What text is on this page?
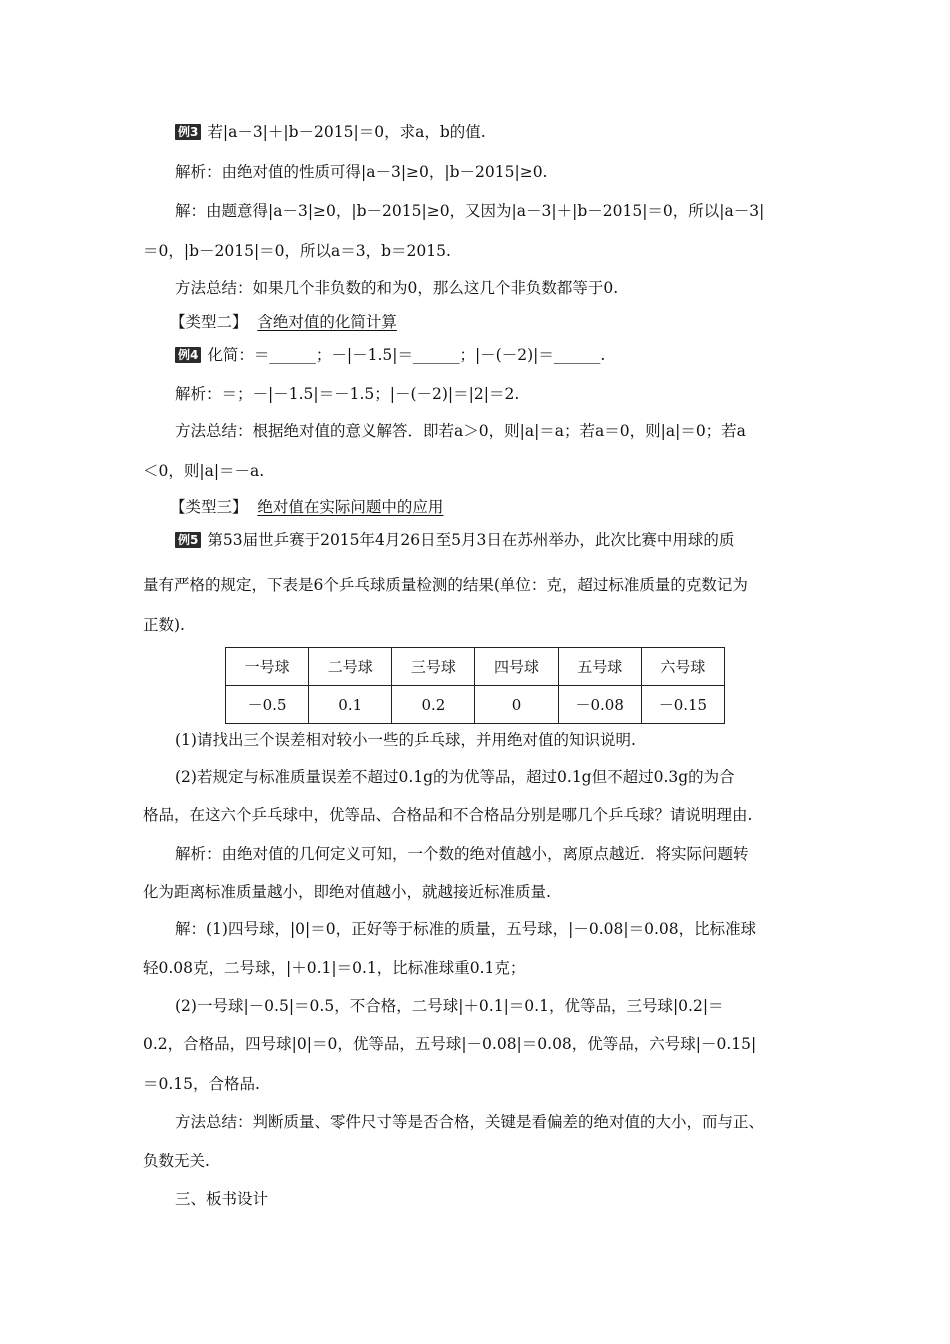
例3 若|a－3|＋|b－2015|＝0，求a，b的值.
解析：由绝对值的性质可得|a－3|≥0，|b－2015|≥0.
解：由题意得|a－3|≥0，|b－2015|≥0，又因为|a－3|＋|b－2015|＝0，所以|a－3|
＝0，|b－2015|＝0，所以a＝3，b＝2015.
方法总结：如果几个非负数的和为0，那么这几个非负数都等于0.
【类型二】 含绝对值的化简计算
例4 化简：＝______；－|－1.5|＝______；|－(－2)|＝______.
解析：＝；－|－1.5|＝－1.5；|－(－2)|＝|2|＝2.
方法总结：根据绝对值的意义解答．即若a＞0，则|a|＝a；若a＝0，则|a|＝0；若a
＜0，则|a|＝－a.
【类型三】 绝对值在实际问题中的应用
例5 第53届世乒赛于2015年4月26日至5月3日在苏州举办，此次比赛中用球的质
量有严格的规定，下表是6个乒乓球质量检测的结果(单位：克，超过标准质量的克数记为
正数).
一号球	二号球	三号球	四号球	五号球	六号球
－0.5	0.1	0.2	0	－0.08	－0.15
(1)请找出三个误差相对较小一些的乒乓球，并用绝对值的知识说明.
(2)若规定与标准质量误差不超过0.1g的为优等品，超过0.1g但不超过0.3g的为合
格品，在这六个乒乓球中，优等品、合格品和不合格品分别是哪几个乒乓球？请说明理由.
解析：由绝对值的几何定义可知，一个数的绝对值越小，离原点越近．将实际问题转
化为距离标准质量越小，即绝对值越小，就越接近标准质量.
解：(1)四号球，|0|＝0，正好等于标准的质量，五号球，|－0.08|＝0.08，比标准球
轻0.08克，二号球，|＋0.1|＝0.1，比标准球重0.1克；
(2)一号球|－0.5|＝0.5，不合格，二号球|＋0.1|＝0.1，优等品，三号球|0.2|＝
0.2，合格品，四号球|0|＝0，优等品，五号球|－0.08|＝0.08，优等品，六号球|－0.15|
＝0.15，合格品.
方法总结：判断质量、零件尺寸等是否合格，关键是看偏差的绝对值的大小，而与正、
负数无关.
三、板书设计
